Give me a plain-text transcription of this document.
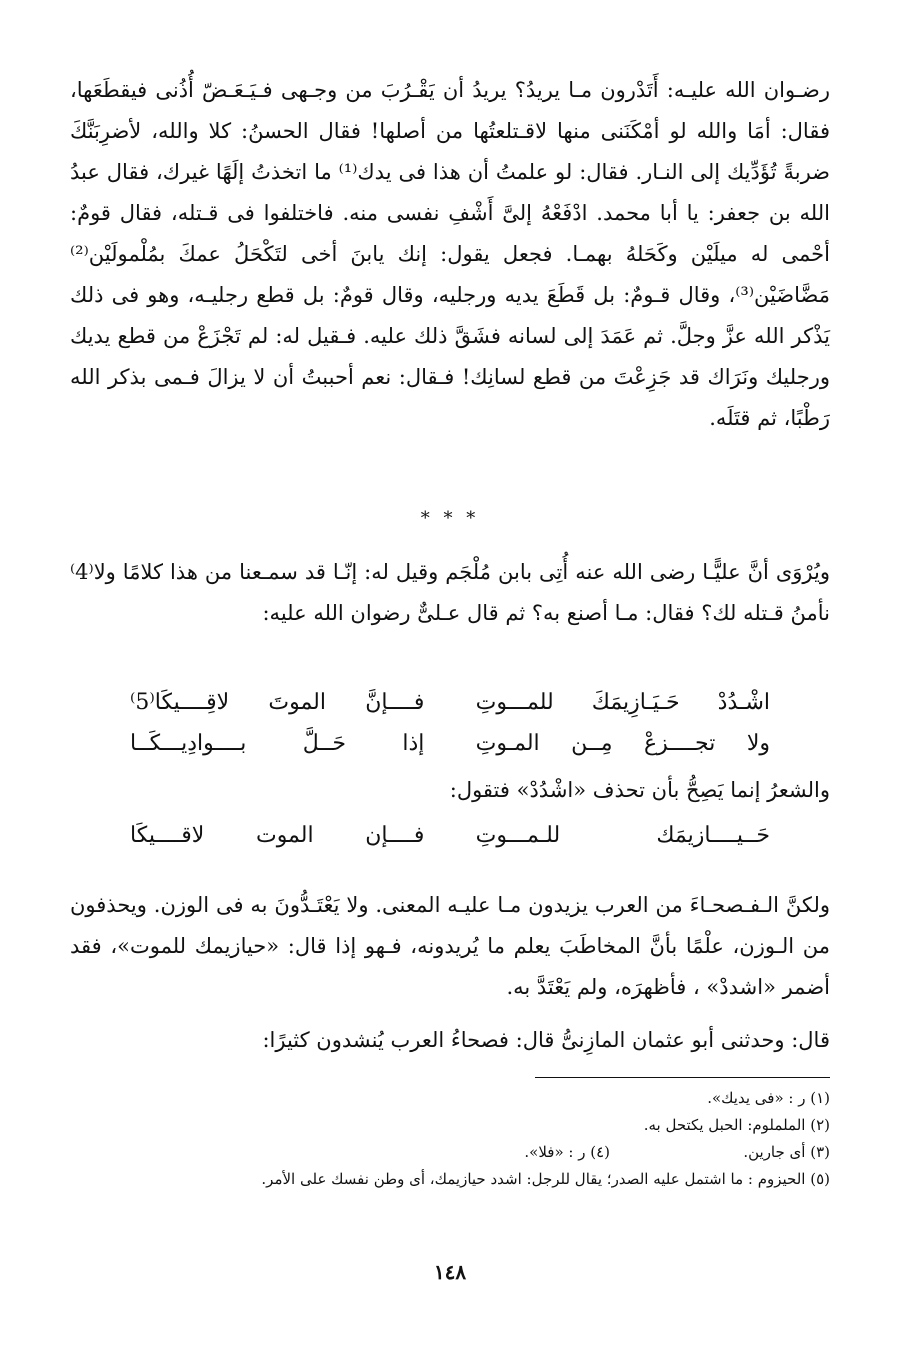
رضـوان الله عليـه: أَتَدْرون مـا يريدُ؟ يريدُ أن يَقْـرُبَ من وجـهى فـيَـعَـضّ أُذُنى فيقطَعَها، فقال: أمَا والله لو أمْكَنَنى منها لاقـتلعتُها من أصلها! فقال الحسنُ: كلا والله، لأضرِبَنَّكَ ضربةً تُؤَدِّيك إلى النـار. فقال: لو علمتُ أن هذا فى يدك⁽¹⁾ ما اتخذتُ إلَهًا غيرك، فقال عبدُ الله بن جعفر: يا أبا محمد. ادْفَعْهُ إلىَّ أَشْفِ نفسى منه. فاختلفوا فى قـتله، فقال قومٌ: أحْمى له ميلَيْن وكَحَلهُ بهمـا. فجعل يقول: إنك يابنَ أخى لتَكْحَلُ عمكَ بمُلْمولَيْن⁽²⁾ مَضَّاضَيْن⁽³⁾، وقال قـومٌ: بل قَطَعَ يديه ورجليه، وقال قومٌ: بل قطع رجليـه، وهو فى ذلك يَذْكر الله عزَّ وجلَّ. ثم عَمَدَ إلى لسانه فشَقَّ ذلك عليه. فـقيل له: لم تَجْزَعْ من قطع يديك ورجليك ونَرَاك قد جَزِعْتَ من قطع لسانِك! فـقال: نعم أحببتُ أن لا يزالَ فـمى بذكر الله رَطْبًا، ثم قتَلَه.

* * *

ويُرْوَى أنَّ عليًّـا رضى الله عنه أُتِى بابن مُلْجَم وقيل له: إنّـا قد سمـعنا من هذا كلامًا ولا⁽4⁾ نأمنُ قـتله لك؟ فقال: مـا أصنع به؟ ثم قال عـلىٌّ رضوان الله عليه:

اشْـدُدْ حَـيَـازِيمَكَ للمـــوتِ
فــــإنَّ الموتَ لاقِــــيكَا⁽5⁾
ولا تجــــزعْ مِــن المـوتِ
إذا حَــلَّ بــــوادِيـــكَــا

والشعرُ إنما يَصِحُّ بأن تحذف «اشْدُدْ» فتقول:

حَــيــــازيمَك للـمـــوتِ
فــــإن الموت لاقــــيكَا

ولكنَّ الـفـصحـاءَ من العرب يزيدون مـا عليـه المعنى. ولا يَعْتَـدُّونَ به فى الوزن. ويحذفون من الـوزن، علْمًا بأنَّ المخاطَبَ يعلم ما يُريدونه، فـهو إذا قال: «حيازيمك للموت»، فقد أضمر «اشددْ» ، فأظهرَه، ولم يَعْتَدَّ به.

قال: وحدثنى أبو عثمان المازِنىُّ قال: فصحاءُ العرب يُنشدون كثيرًا:

(١) ر : «فى يديك».

(٢) الململوم: الحبل يكتحل به.

(٣) أى جارين.

(٤) ر : «فلا».

(٥) الحيزوم : ما اشتمل عليه الصدر؛ يقال للرجل: اشدد حيازيمك، أى وطن نفسك على الأمر.

١٤٨
